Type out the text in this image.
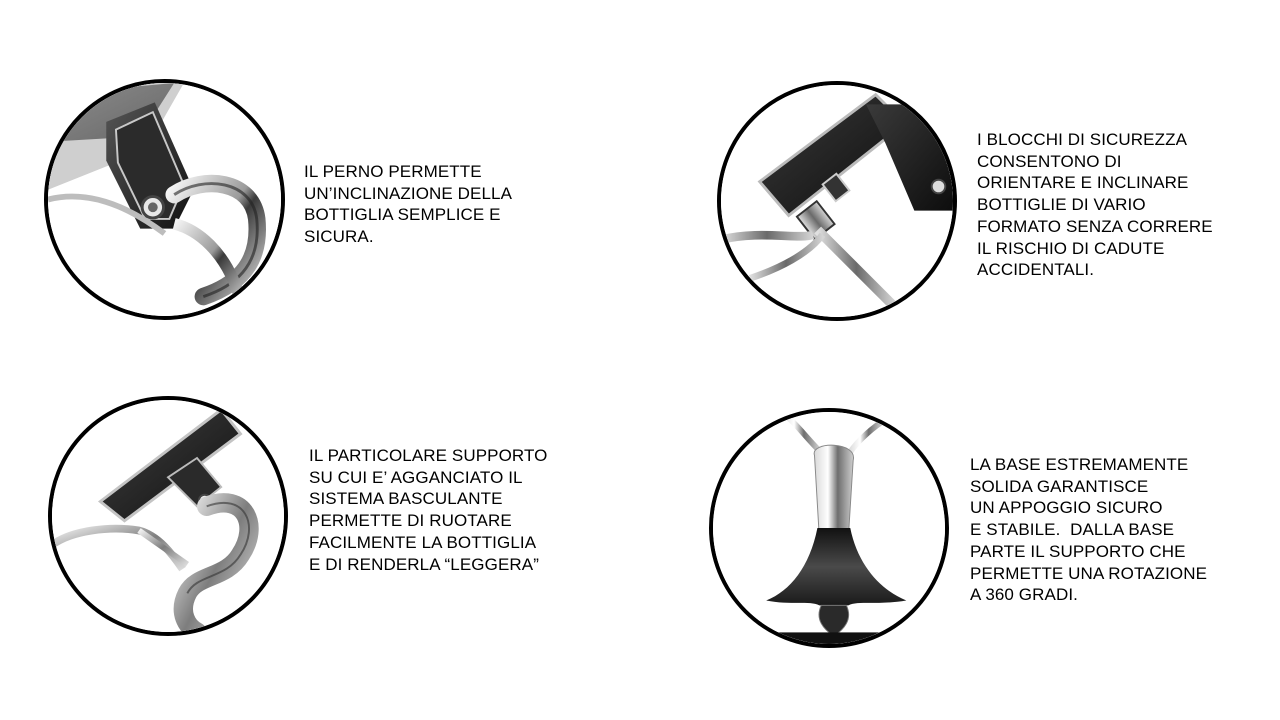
IL PERNO PERMETTE
UN’INCLINAZIONE DELLA
BOTTIGLIA SEMPLICE E
SICURA.

I BLOCCHI DI SICUREZZA
CONSENTONO DI
ORIENTARE E INCLINARE
BOTTIGLIE DI VARIO
FORMATO SENZA CORRERE
IL RISCHIO DI CADUTE
ACCIDENTALI.

IL PARTICOLARE SUPPORTO
SU CUI E’ AGGANCIATO IL
SISTEMA BASCULANTE
PERMETTE DI RUOTARE
FACILMENTE LA BOTTIGLIA
E DI RENDERLA “LEGGERA”

LA BASE ESTREMAMENTE
SOLIDA GARANTISCE
UN APPOGGIO SICURO
E STABILE.  DALLA BASE
PARTE IL SUPPORTO CHE
PERMETTE UNA ROTAZIONE
A 360 GRADI.
